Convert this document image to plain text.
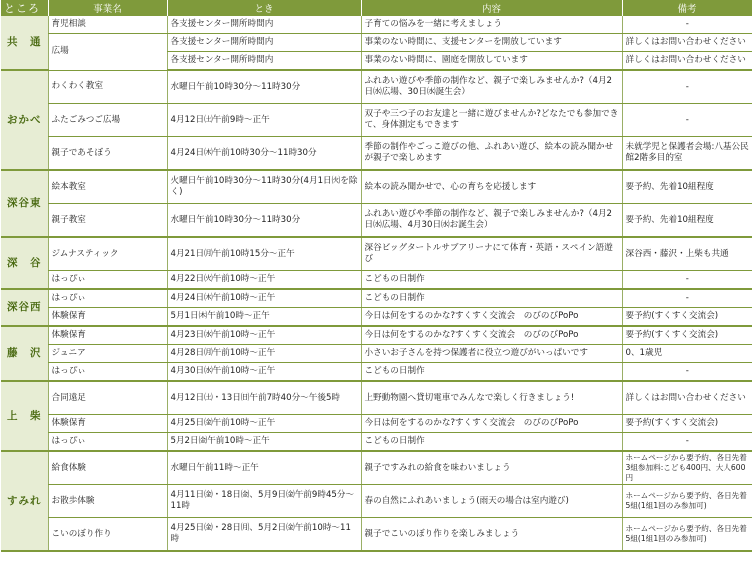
ところ	事業名	とき	内容	備考
共　通	育児相談	各支援センター開所時間内	子育ての悩みを一緒に考えましょう	-
	広場	各支援センター開所時間内	事業のない時間に、支援センターを開放しています	詳しくはお問い合わせください
		各支援センター開所時間内	事業のない時間に、園庭を開放しています	詳しくはお問い合わせください
おかべ	わくわく教室	水曜日午前10時30分～11時30分	ふれあい遊びや季節の制作など、親子で楽しみませんか?（4月2日㈬広場、30日㈬誕生会）	-
	ふたごみつご広場	4月12日㈯午前9時～正午	双子や三つ子のお友達と一緒に遊びませんか?どなたでも参加できて、身体測定もできます	-
	親子であそぼう	4月24日㈭午前10時30分～11時30分	季節の制作やごっこ遊びの他、ふれあい遊び、絵本の読み聞かせが親子で楽しめます	未就学児と保護者会場:八基公民館2階多目的室
深谷東	絵本教室	火曜日午前10時30分～11時30分(4月1日㈫を除く)	絵本の読み聞かせで、心の育ちを応援します	要予約、先着10組程度
	親子教室	水曜日午前10時30分～11時30分	ふれあい遊びや季節の制作など、親子で楽しみませんか?（4月2日㈬広場、4月30日㈬お誕生会）	要予約、先着10組程度
深　谷	ジムナスティック	4月21日㈪午前10時15分～正午	深谷ビッグタートルサブアリーナにて体育・英語・スペイン語遊び	深谷西・藤沢・上柴も共通
	はっぴぃ	4月22日㈫午前10時～正午	こどもの日制作	-
深谷西	はっぴぃ	4月24日㈭午前10時～正午	こどもの日制作	-
	体験保育	5月1日㈭午前10時～正午	今日は何をするのかな?すくすく交流会　のびのびPoPo	要予約(すくすく交流会)
藤　沢	体験保育	4月23日㈬午前10時～正午	今日は何をするのかな?すくすく交流会　のびのびPoPo	要予約(すくすく交流会)
	ジュニア	4月28日㈪午前10時～正午	小さいお子さんを持つ保護者に役立つ遊びがいっぱいです	0、1歳児
	はっぴぃ	4月30日㈬午前10時～正午	こどもの日制作	-
上　柴	合同遠足	4月12日㈯・13日㈰午前7時40分～午後5時	上野動物園へ貸切電車でみんなで楽しく行きましょう!	詳しくはお問い合わせください
	体験保育	4月25日㈮午前10時～正午	今日は何をするのかな?すくすく交流会　のびのびPoPo	要予約(すくすく交流会)
	はっぴぃ	5月2日㈮午前10時～正午	こどもの日制作	-
すみれ	給食体験	水曜日午前11時～正午	親子ですみれの給食を味わいましょう	ホームページから要予約、各日先着3組参加料:こども400円、大人600円
	お散歩体験	4月11日㈮・18日㈮、5月9日㈮午前9時45分～11時	春の自然にふれあいましょう(雨天の場合は室内遊び)	ホームページから要予約、各日先着5組(1組1回のみ参加可)
	こいのぼり作り	4月25日㈮・28日㈪、5月2日㈮午前10時～11時	親子でこいのぼり作りを楽しみましょう	ホームページから要予約、各日先着5組(1組1回のみ参加可)
